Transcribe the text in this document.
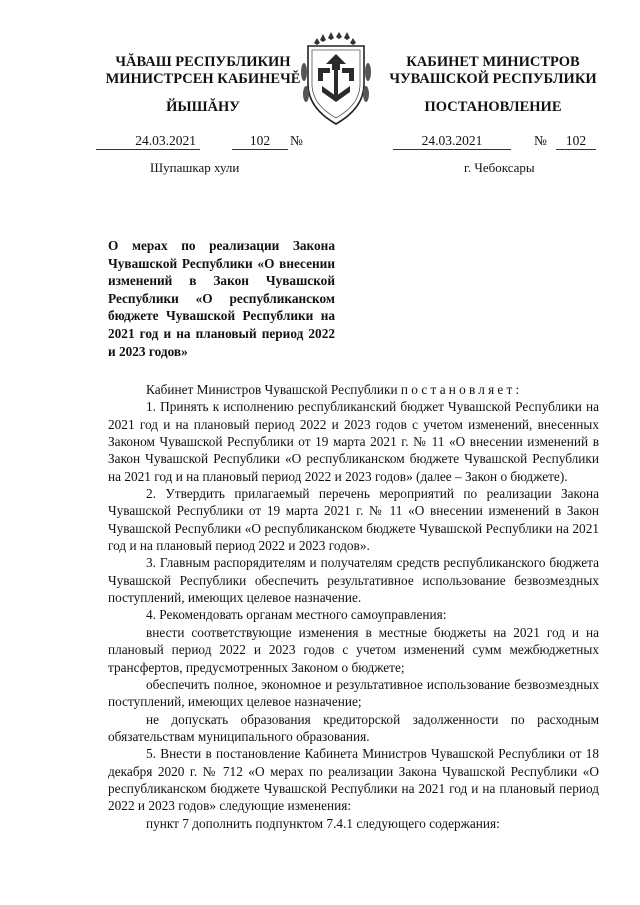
ЧĂВАШ РЕСПУБЛИКИН
МИНИСТРСЕН КАБИНЕЧĔ
ЙЫШĂНУ
КАБИНЕТ МИНИСТРОВ
ЧУВАШСКОЙ РЕСПУБЛИКИ
ПОСТАНОВЛЕНИЕ
24.03.2021	102	№	24.03.2021	№	102
Шупашкар хули	г. Чебоксары
О мерах по реализации Закона Чувашской Республики «О внесении изменений в Закон Чувашской Республики «О республиканском бюджете Чувашской Республики на 2021 год и на плановый период 2022 и 2023 годов»

Кабинет Министров Чувашской Республики постановляет:

1. Принять к исполнению республиканский бюджет Чувашской Республики на 2021 год и на плановый период 2022 и 2023 годов с учетом изменений, внесенных Законом Чувашской Республики от 19 марта 2021 г. № 11 «О внесении изменений в Закон Чувашской Республики «О республиканском бюджете Чувашской Республики на 2021 год и на плановый период 2022 и 2023 годов» (далее – Закон о бюджете).

2. Утвердить прилагаемый перечень мероприятий по реализации Закона Чувашской Республики от 19 марта 2021 г. № 11 «О внесении изменений в Закон Чувашской Республики «О республиканском бюджете Чувашской Республики на 2021 год и на плановый период 2022 и 2023 годов».

3. Главным распорядителям и получателям средств республиканского бюджета Чувашской Республики обеспечить результативное использование безвозмездных поступлений, имеющих целевое назначение.

4. Рекомендовать органам местного самоуправления:

внести соответствующие изменения в местные бюджеты на 2021 год и на плановый период 2022 и 2023 годов с учетом изменений сумм межбюджетных трансфертов, предусмотренных Законом о бюджете;

обеспечить полное, экономное и результативное использование безвозмездных поступлений, имеющих целевое назначение;

не допускать образования кредиторской задолженности по расходным обязательствам муниципального образования.

5. Внести в постановление Кабинета Министров Чувашской Республики от 18 декабря 2020 г. № 712 «О мерах по реализации Закона Чувашской Республики «О республиканском бюджете Чувашской Республики на 2021 год и на плановый период 2022 и 2023 годов» следующие изменения:

пункт 7 дополнить подпунктом 7.4.1 следующего содержания:
